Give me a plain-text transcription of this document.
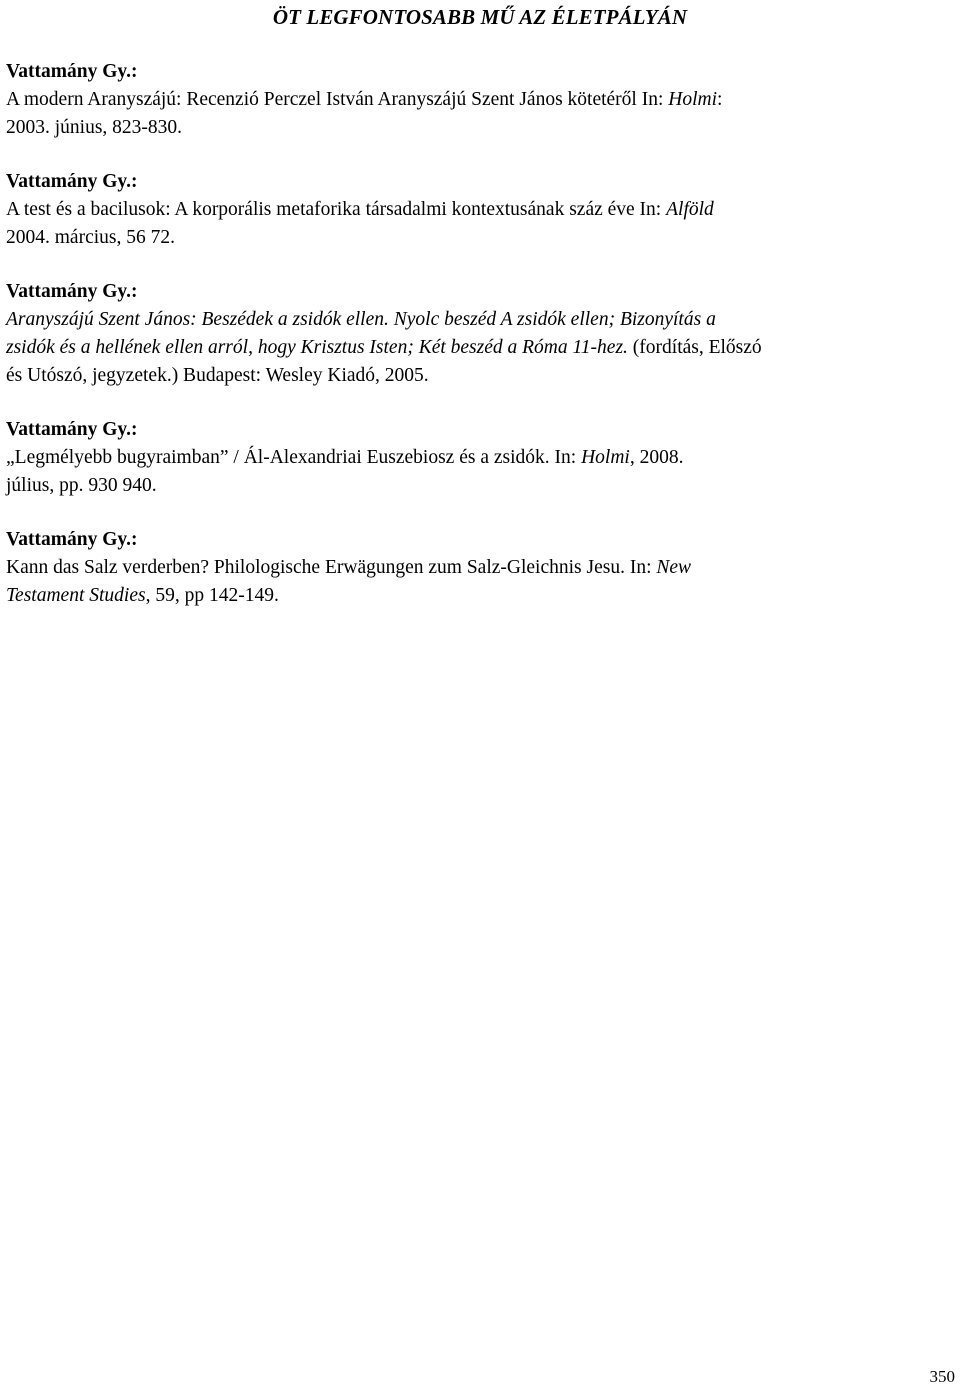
ÖT LEGFONTOSABB MŰ AZ ÉLETPÁLYÁN

Vattamány Gy.:

A modern Aranyszájú: Recenzió Perczel István Aranyszájú Szent János kötetéről In: Holmi:

2003. június, 823-830.

Vattamány Gy.:

A test és a bacilusok: A korporális metaforika társadalmi kontextusának száz éve In: Alföld

2004. március, 56 72.

Vattamány Gy.:

Aranyszájú Szent János: Beszédek a zsidók ellen. Nyolc beszéd A zsidók ellen; Bizonyítás a

zsidók és a hellének ellen arról, hogy Krisztus Isten; Két beszéd a Róma 11-hez. (fordítás, Előszó

és Utószó, jegyzetek.) Budapest: Wesley Kiadó, 2005.

Vattamány Gy.:

„Legmélyebb bugyraimban” / Ál-Alexandriai Euszebiosz és a zsidók. In: Holmi, 2008.

július, pp. 930 940.

Vattamány Gy.:

Kann das Salz verderben? Philologische Erwägungen zum Salz-Gleichnis Jesu. In: New

Testament Studies, 59, pp 142-149.

350
